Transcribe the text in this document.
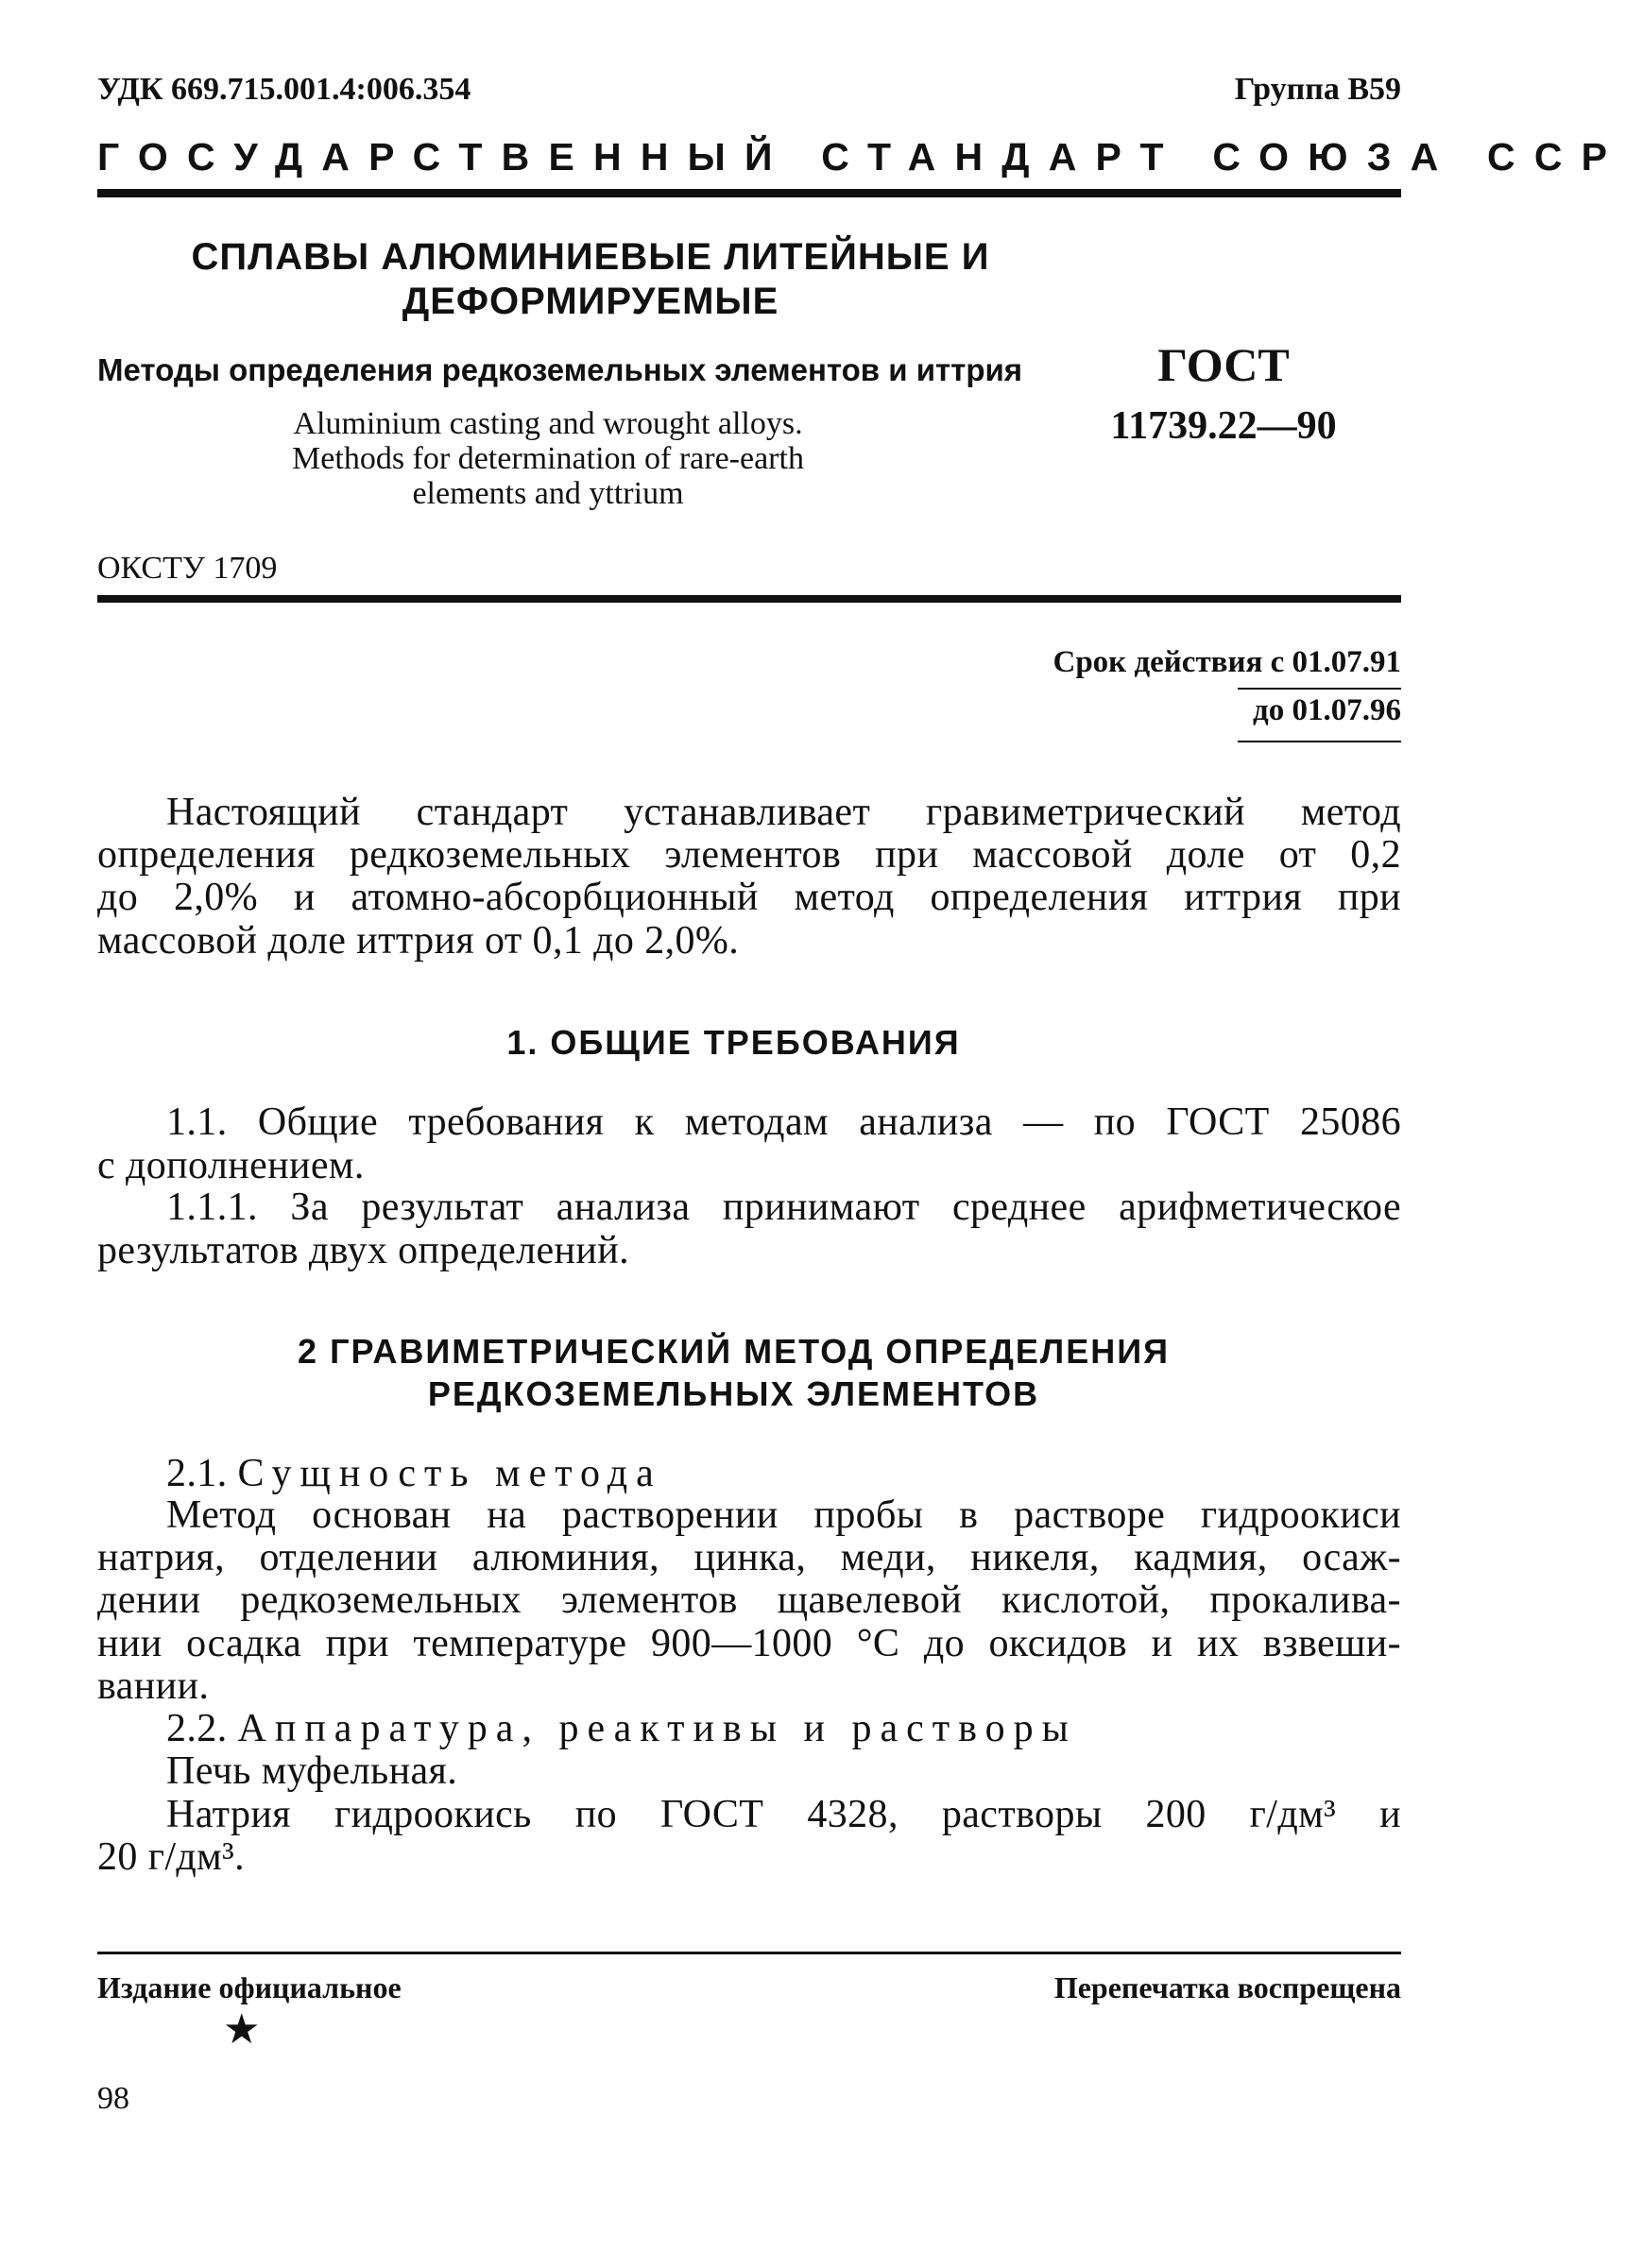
УДК 669.715.001.4:006.354	Группа В59
ГОСУДАРСТВЕННЫЙ СТАНДАРТ СОЮЗА ССР
СПЛАВЫ АЛЮМИНИЕВЫЕ ЛИТЕЙНЫЕ И
ДЕФОРМИРУЕМЫЕ
Методы определения редкоземельных элементов и иттрия
Aluminium casting and wrought alloys.
Methods for determination of rare-earth
elements and yttrium
ГОСТ
11739.22—90
ОКСТУ 1709
Срок действия с 01.07.91
до 01.07.96
Настоящий стандарт устанавливает гравиметрический метод
определения редкоземельных элементов при массовой доле от 0,2
до 2,0% и атомно-абсорбционный метод определения иттрия при
массовой доле иттрия от 0,1 до 2,0%.
1. ОБЩИЕ ТРЕБОВАНИЯ
1.1. Общие требования к методам анализа — по ГОСТ 25086
с дополнением.
1.1.1. За результат анализа принимают среднее арифметическое
результатов двух определений.
2 ГРАВИМЕТРИЧЕСКИЙ МЕТОД ОПРЕДЕЛЕНИЯ
РЕДКОЗЕМЕЛЬНЫХ ЭЛЕМЕНТОВ
2.1. Сущность метода
Метод основан на растворении пробы в растворе гидроокиси
натрия, отделении алюминия, цинка, меди, никеля, кадмия, осаж-
дении редкоземельных элементов щавелевой кислотой, прокалива-
нии осадка при температуре 900—1000 °С до оксидов и их взвеши-
вании.
2.2. Аппаратура, реактивы и растворы
Печь муфельная.
Натрия гидроокись по ГОСТ 4328, растворы 200 г/дм³ и
20 г/дм³.
Издание официальное	Перепечатка воспрещена
★
98
